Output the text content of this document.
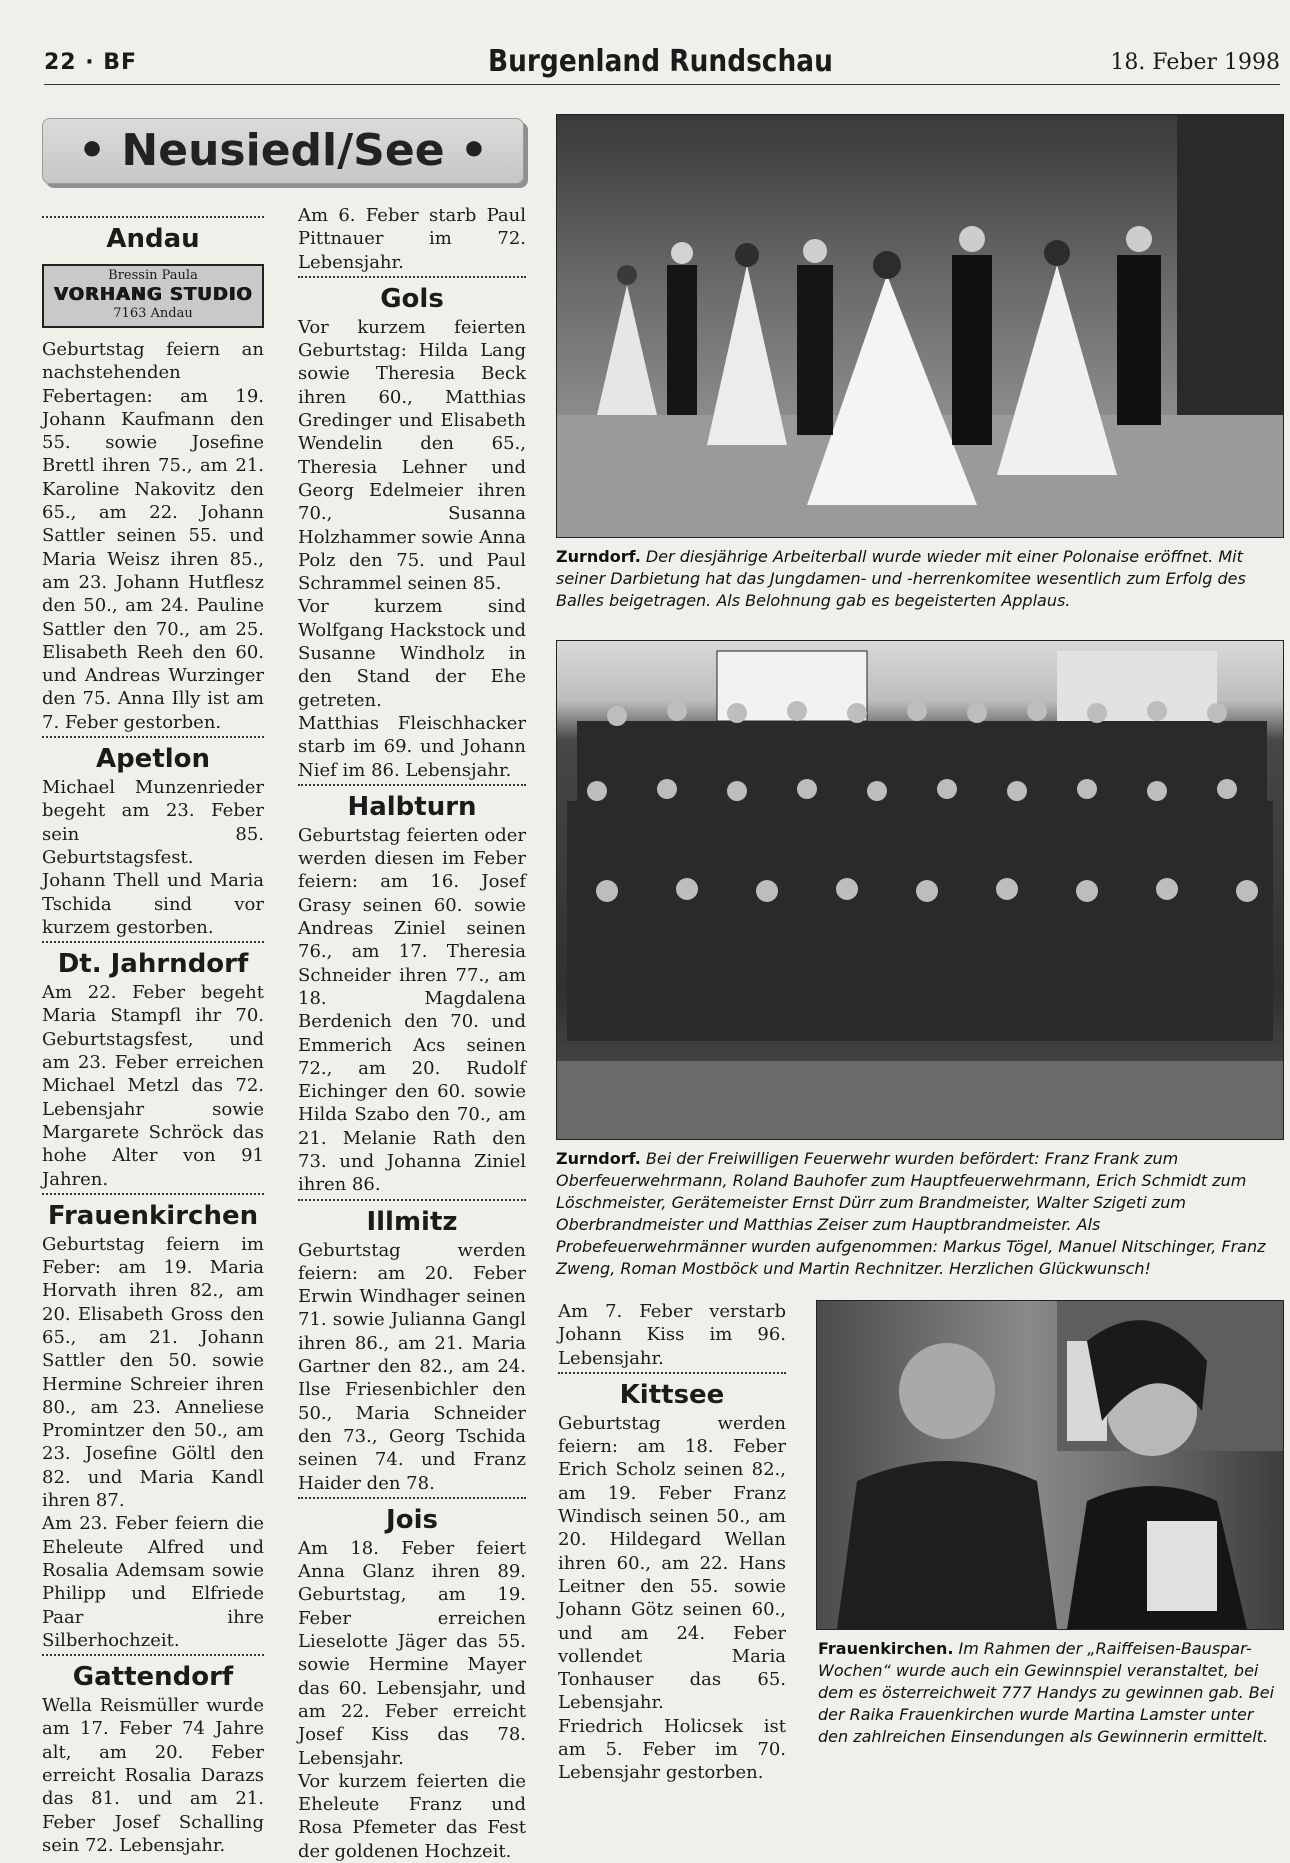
22 · BF	Burgenland Rundschau	18. Feber 1998
• Neusiedl/See •
Andau
Bressin Paula
VORHANG STUDIO
7163 Andau

Geburtstag feiern an nachstehenden Febertagen: am 19. Johann Kaufmann den 55. sowie Josefine Brettl ihren 75., am 21. Karoline Nakovitz den 65., am 22. Johann Sattler seinen 55. und Maria Weisz ihren 85., am 23. Johann Hutflesz den 50., am 24. Pauline Sattler den 70., am 25. Elisabeth Reeh den 60. und Andreas Wurzinger den 75. Anna Illy ist am 7. Feber gestorben.

Apetlon

Michael Munzenrieder begeht am 23. Feber sein 85. Geburtstagsfest.

Johann Thell und Maria Tschida sind vor kurzem gestorben.

Dt. Jahrndorf

Am 22. Feber begeht Maria Stampfl ihr 70. Geburtstagsfest, und am 23. Feber erreichen Michael Metzl das 72. Lebensjahr sowie Margarete Schröck das hohe Alter von 91 Jahren.

Frauenkirchen

Geburtstag feiern im Feber: am 19. Maria Horvath ihren 82., am 20. Elisabeth Gross den 65., am 21. Johann Sattler den 50. sowie Hermine Schreier ihren 80., am 23. Anneliese Promintzer den 50., am 23. Josefine Göltl den 82. und Maria Kandl ihren 87.

Am 23. Feber feiern die Eheleute Alfred und Rosalia Ademsam sowie Philipp und Elfriede Paar ihre Silberhochzeit.

Gattendorf

Wella Reismüller wurde am 17. Feber 74 Jahre alt, am 20. Feber erreicht Rosalia Darazs das 81. und am 21. Feber Josef Schalling sein 72. Lebensjahr.

Am 6. Feber starb Paul Pittnauer im 72. Lebensjahr.

Gols

Vor kurzem feierten Geburtstag: Hilda Lang sowie Theresia Beck ihren 60., Matthias Gredinger und Elisabeth Wendelin den 65., Theresia Lehner und Georg Edelmeier ihren 70., Susanna Holzhammer sowie Anna Polz den 75. und Paul Schrammel seinen 85.

Vor kurzem sind Wolfgang Hackstock und Susanne Windholz in den Stand der Ehe getreten.

Matthias Fleischhacker starb im 69. und Johann Nief im 86. Lebensjahr.

Halbturn

Geburtstag feierten oder werden diesen im Feber feiern: am 16. Josef Grasy seinen 60. sowie Andreas Ziniel seinen 76., am 17. Theresia Schneider ihren 77., am 18. Magdalena Berdenich den 70. und Emmerich Acs seinen 72., am 20. Rudolf Eichinger den 60. sowie Hilda Szabo den 70., am 21. Melanie Rath den 73. und Johanna Ziniel ihren 86.

Illmitz

Geburtstag werden feiern: am 20. Feber Erwin Windhager seinen 71. sowie Julianna Gangl ihren 86., am 21. Maria Gartner den 82., am 24. Ilse Friesenbichler den 50., Maria Schneider den 73., Georg Tschida seinen 74. und Franz Haider den 78.

Jois

Am 18. Feber feiert Anna Glanz ihren 89. Geburtstag, am 19. Feber erreichen Lieselotte Jäger das 55. sowie Hermine Mayer das 60. Lebensjahr, und am 22. Feber erreicht Josef Kiss das 78. Lebensjahr.

Vor kurzem feierten die Eheleute Franz und Rosa Pfemeter das Fest der goldenen Hochzeit.

Am 7. Feber verstarb Johann Kiss im 96. Lebensjahr.

Kittsee

Geburtstag werden feiern: am 18. Feber Erich Scholz seinen 82., am 19. Feber Franz Windisch seinen 50., am 20. Hildegard Wellan ihren 60., am 22. Hans Leitner den 55. sowie Johann Götz seinen 60., und am 24. Feber vollendet Maria Tonhauser das 65. Lebensjahr.

Friedrich Holicsek ist am 5. Feber im 70. Lebensjahr gestorben.

Zurndorf. Der diesjährige Arbeiterball wurde wieder mit einer Polonaise eröffnet. Mit seiner Darbietung hat das Jungdamen- und -herrenkomitee wesentlich zum Erfolg des Balles beigetragen. Als Belohnung gab es begeisterten Applaus.
Zurndorf. Bei der Freiwilligen Feuerwehr wurden befördert: Franz Frank zum Oberfeuerwehrmann, Roland Bauhofer zum Hauptfeuerwehrmann, Erich Schmidt zum Löschmeister, Gerätemeister Ernst Dürr zum Brandmeister, Walter Szigeti zum Oberbrandmeister und Matthias Zeiser zum Hauptbrandmeister. Als Probefeuerwehrmänner wurden aufgenommen: Markus Tögel, Manuel Nitschinger, Franz Zweng, Roman Mostböck und Martin Rechnitzer. Herzlichen Glückwunsch!
Frauenkirchen. Im Rahmen der „Raiffeisen-Bauspar-Wochen“ wurde auch ein Gewinnspiel veranstaltet, bei dem es österreichweit 777 Handys zu gewinnen gab. Bei der Raika Frauenkirchen wurde Martina Lamster unter den zahlreichen Einsendungen als Gewinnerin ermittelt.
